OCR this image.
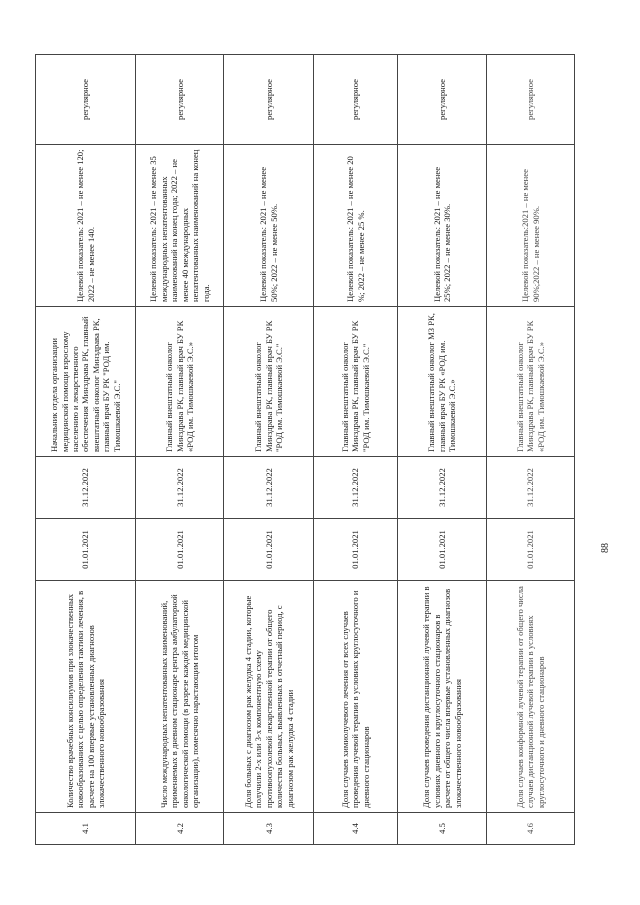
88
4.1	Количество врачебных консилиумов при злокачественных новообразованиях с целью определения тактики лечения, в расчете на 100 впервые установленных диагнозов злокачественного новообразования	01.01.2021	31.12.2022	Начальник отдела организации медицинской помощи взрослому населению и лекарственного обеспечения Минздрава РК, главный внештатный онколог Минздрава РК, главный врач БУ РК "РОД им. Тимошкаевой Э.С."	Целевой показатель: 2021 – не менее 120; 2022 – не менее 140.	регулярное
4.2	Число международных непатентованных наименований, применяемых в дневном стационаре центра амбулаторной онкологической помощи (в разрезе каждой медицинской организации), помесячно нарастающим итогом	01.01.2021	31.12.2022	Главный внештатный онколог Минздрава РК, главный врач БУ РК «РОД им. Тимошкаевой Э.С.»	Целевой показатель: 2021 – не менее 35 международных непатентованных наименований на конец года; 2022 – не менее 40 международных непатентованных наименований на конец года.	регулярное
4.3	Доля больных с диагнозом рак желудка 4 стадии, которые получили 2-х или 3-х компонентную схему противоопухолевой лекарственной терапии от общего количества больных, выявленных в отчетный период, с диагнозом рак желудка 4 стадии	01.01.2021	31.12.2022	Главный внештатный онколог Минздрава РК, главный врач БУ РК "РОД им. Тимошкаевой Э.С."	Целевой показатель: 2021 – не менее 50%; 2022 – не менее 50%.	регулярное
4.4	Доля случаев химиолучевого лечения от всех случаев проведения лучевой терапии в условиях круглосуточного и дневного стационаров	01.01.2021	31.12.2022	Главный внештатный онколог Минздрава РК, главный врач БУ РК "РОД им. Тимошкаевой Э.С."	Целевой показатель: 2021 – не менее 20 %; 2022 – не менее 25 %.	регулярное
4.5	Доля случаев проведения дистанционной лучевой терапии в условиях дневного и круглосуточного стационаров в расчете от общего числа впервые установленных диагнозов злокачественного новообразования	01.01.2021	31.12.2022	Главный внештатный онколог МЗ РК, главный врач БУ РК «РОД им. Тимошкаевой Э.С.»	Целевой показатель: 2021 – не менее 25%; 2022 – не менее 30%.	регулярное
4.6	Доля случаев конформной лучевой терапии от общего числа случаев дистанционной лучевой терапии в условиях круглосуточного и дневного стационаров	01.01.2021	31.12.2022	Главный внештатный онколог Минздрава РК, главный врач БУ РК «РОД им. Тимошкаевой Э.С.»	Целевой показатель:2021 – не менее 90%;2022 – не менее 90%.	регулярное
